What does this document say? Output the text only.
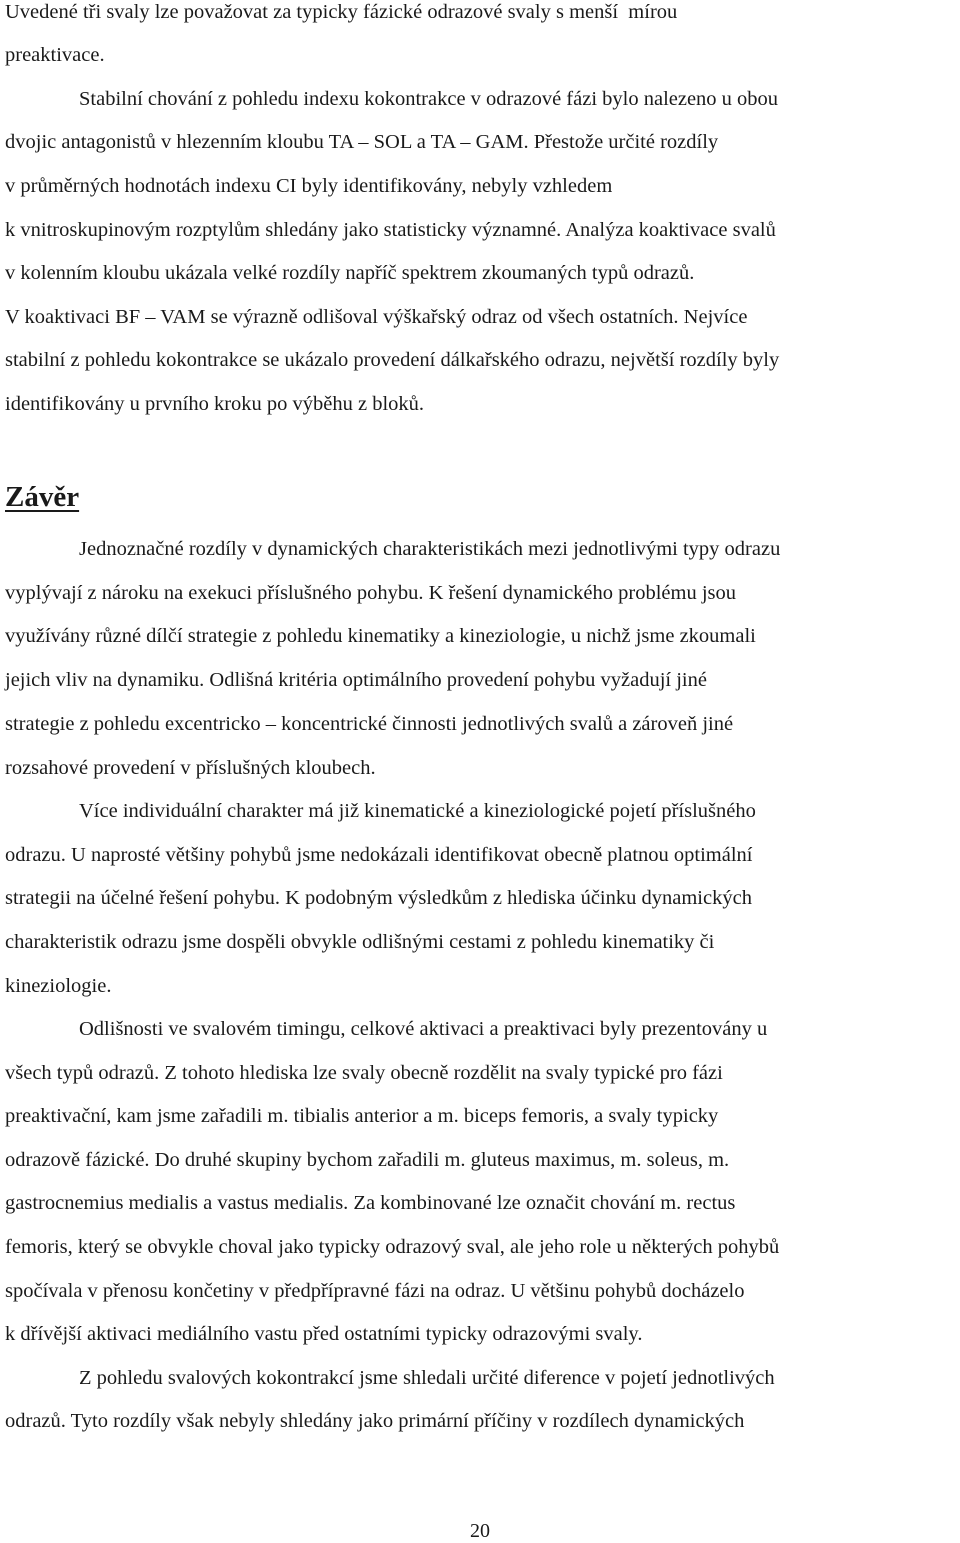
Uvedené tři svaly lze považovat za typicky fázické odrazové svaly s menší  mírou
preaktivace.
Stabilní chování z pohledu indexu kokontrakce v odrazové fázi bylo nalezeno u obou
dvojic antagonistů v hlezenním kloubu TA – SOL a TA – GAM. Přestože určité rozdíly
v průměrných hodnotách indexu CI byly identifikovány, nebyly vzhledem
k vnitroskupinovým rozptylům shledány jako statisticky významné. Analýza koaktivace svalů
v kolenním kloubu ukázala velké rozdíly napříč spektrem zkoumaných typů odrazů.
V koaktivaci BF – VAM se výrazně odlišoval výškařský odraz od všech ostatních. Nejvíce
stabilní z pohledu kokontrakce se ukázalo provedení dálkařského odrazu, největší rozdíly byly
identifikovány u prvního kroku po výběhu z bloků.
Závěr
Jednoznačné rozdíly v dynamických charakteristikách mezi jednotlivými typy odrazu
vyplývají z nároku na exekuci příslušného pohybu. K řešení dynamického problému jsou
využívány různé dílčí strategie z pohledu kinematiky a kineziologie, u nichž jsme zkoumali
jejich vliv na dynamiku. Odlišná kritéria optimálního provedení pohybu vyžadují jiné
strategie z pohledu excentricko – koncentrické činnosti jednotlivých svalů a zároveň jiné
rozsahové provedení v příslušných kloubech.
Více individuální charakter má již kinematické a kineziologické pojetí příslušného
odrazu. U naprosté většiny pohybů jsme nedokázali identifikovat obecně platnou optimální
strategii na účelné řešení pohybu. K podobným výsledkům z hlediska účinku dynamických
charakteristik odrazu jsme dospěli obvykle odlišnými cestami z pohledu kinematiky či
kineziologie.
Odlišnosti ve svalovém timingu, celkové aktivaci a preaktivaci byly prezentovány u
všech typů odrazů. Z tohoto hlediska lze svaly obecně rozdělit na svaly typické pro fázi
preaktivační, kam jsme zařadili m. tibialis anterior a m. biceps femoris, a svaly typicky
odrazově fázické. Do druhé skupiny bychom zařadili m. gluteus maximus, m. soleus, m.
gastrocnemius medialis a vastus medialis. Za kombinované lze označit chování m. rectus
femoris, který se obvykle choval jako typicky odrazový sval, ale jeho role u některých pohybů
spočívala v přenosu končetiny v předpřípravné fázi na odraz. U většinu pohybů docházelo
k dřívější aktivaci mediálního vastu před ostatními typicky odrazovými svaly.
Z pohledu svalových kokontrakcí jsme shledali určité diference v pojetí jednotlivých
odrazů. Tyto rozdíly však nebyly shledány jako primární příčiny v rozdílech dynamických
20
